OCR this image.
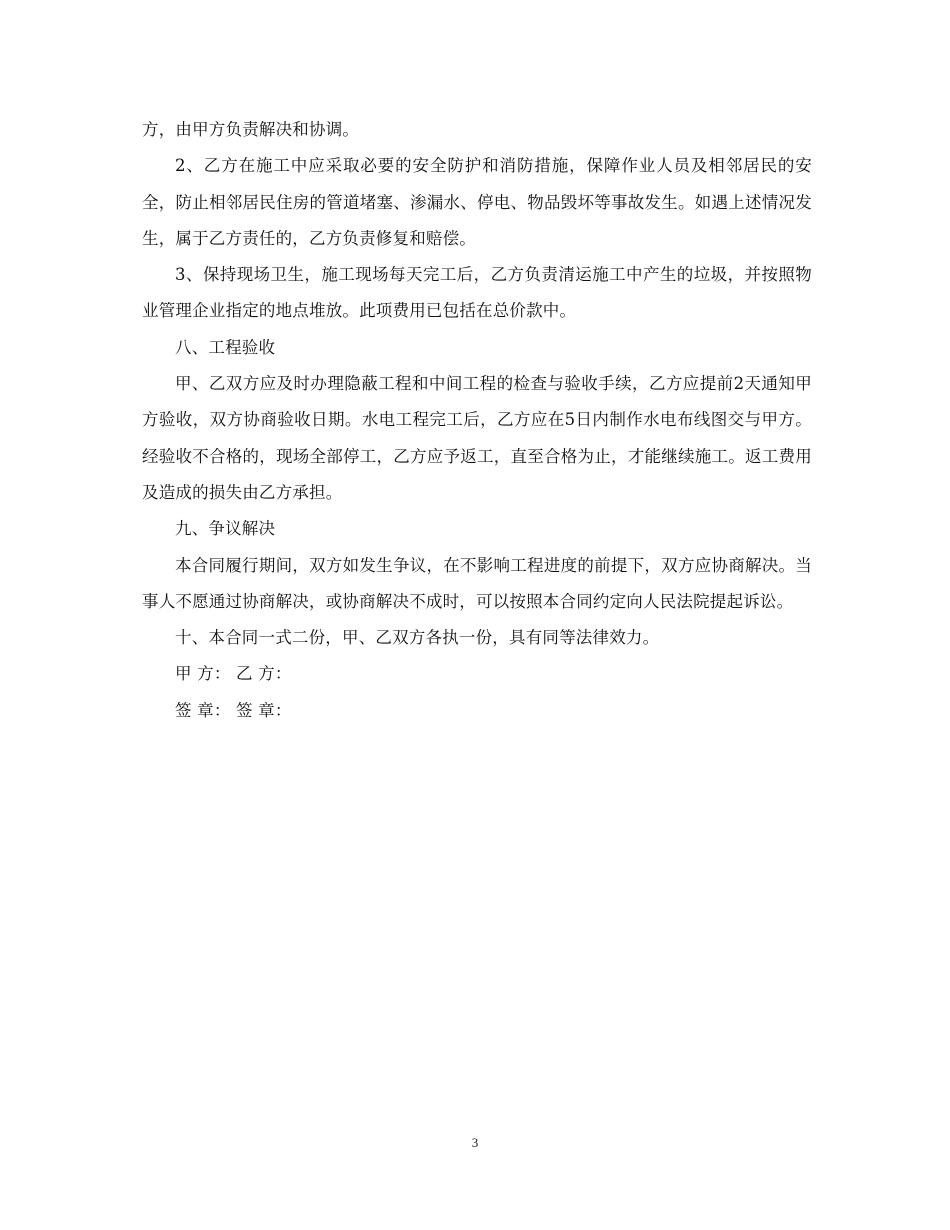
方，由甲方负责解决和协调。

2、乙方在施工中应采取必要的安全防护和消防措施，保障作业人员及相邻居民的安全，防止相邻居民住房的管道堵塞、渗漏水、停电、物品毁坏等事故发生。如遇上述情况发生，属于乙方责任的，乙方负责修复和赔偿。

3、保持现场卫生，施工现场每天完工后，乙方负责清运施工中产生的垃圾，并按照物业管理企业指定的地点堆放。此项费用已包括在总价款中。

八、工程验收

甲、乙双方应及时办理隐蔽工程和中间工程的检查与验收手续，乙方应提前2天通知甲方验收，双方协商验收日期。水电工程完工后，乙方应在5日内制作水电布线图交与甲方。经验收不合格的，现场全部停工，乙方应予返工，直至合格为止，才能继续施工。返工费用及造成的损失由乙方承担。

九、争议解决

本合同履行期间，双方如发生争议，在不影响工程进度的前提下，双方应协商解决。当事人不愿通过协商解决，或协商解决不成时，可以按照本合同约定向人民法院提起诉讼。

十、本合同一式二份，甲、乙双方各执一份，具有同等法律效力。

甲 方： 乙 方：

签 章： 签 章：

3
